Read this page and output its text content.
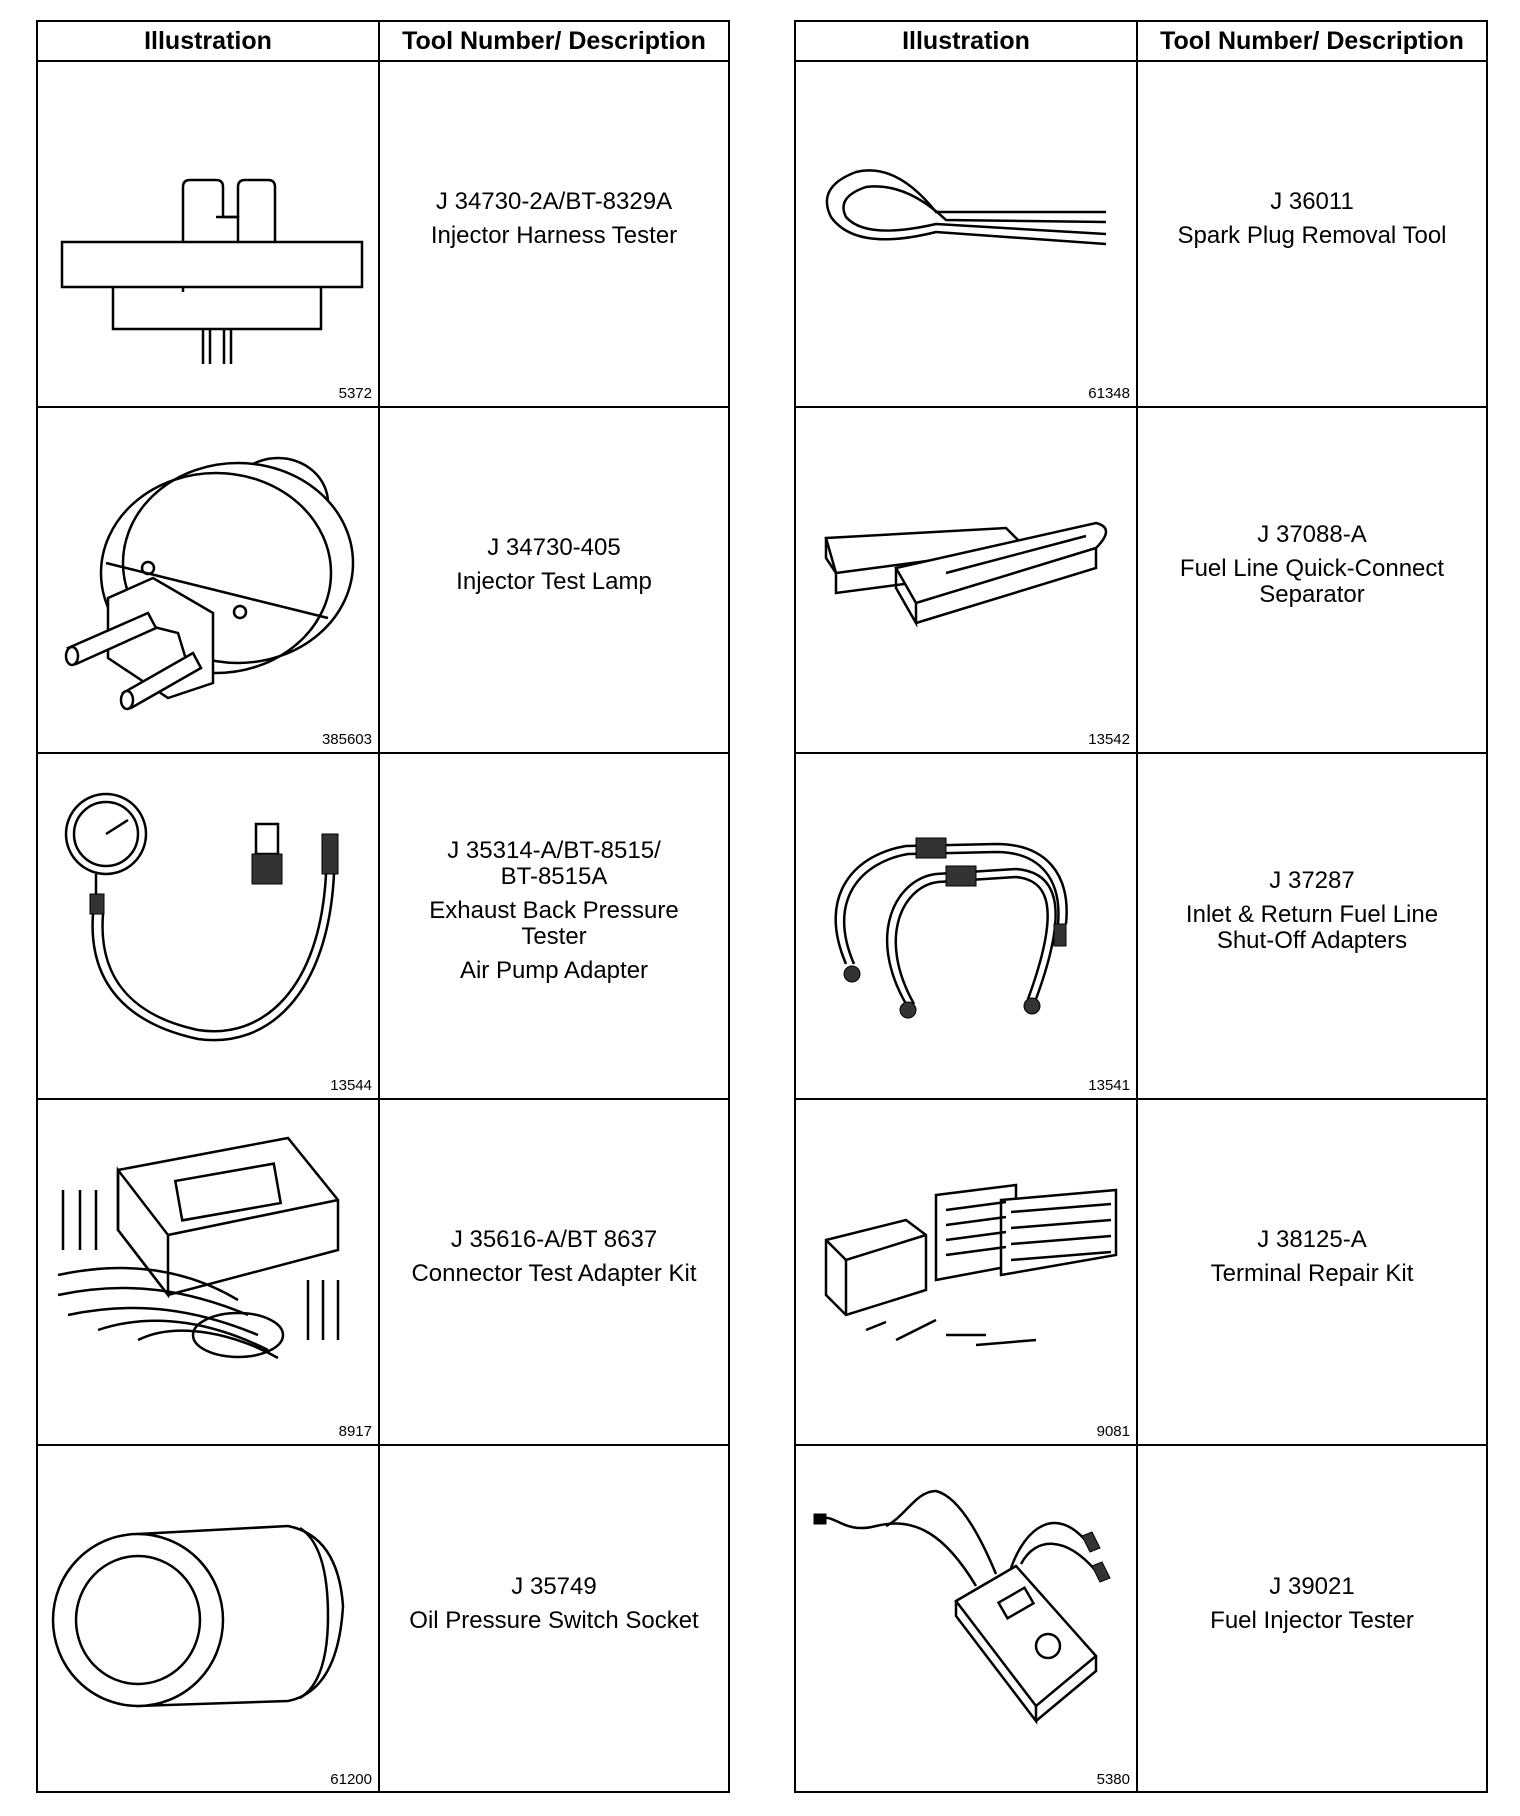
Illustration	Tool Number/ Description
5372
J 34730-2A/BT-8329A
Injector Harness Tester
385603
J 34730-405
Injector Test Lamp
13544
J 35314-A/BT-8515/ BT-8515A
Exhaust Back Pressure Tester
Air Pump Adapter
8917
J 35616-A/BT 8637
Connector Test Adapter Kit
61200
J 35749
Oil Pressure Switch Socket
Illustration	Tool Number/ Description
61348
J 36011
Spark Plug Removal Tool
13542
J 37088-A
Fuel Line Quick-Connect Separator
13541
J 37287
Inlet & Return Fuel Line Shut-Off Adapters
9081
J 38125-A
Terminal Repair Kit
5380
J 39021
Fuel Injector Tester
